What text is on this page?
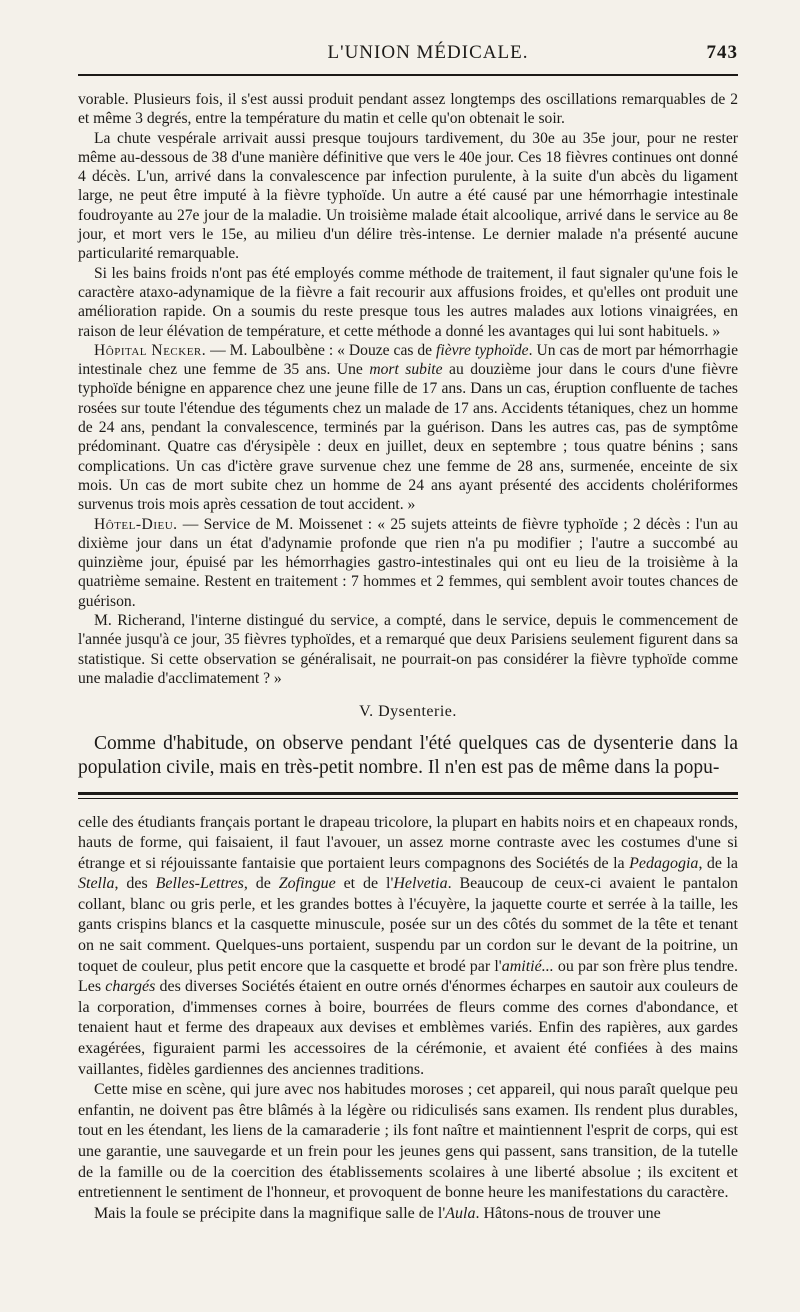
L'UNION MÉDICALE.	743

vorable. Plusieurs fois, il s'est aussi produit pendant assez longtemps des oscillations remarquables de 2 et même 3 degrés, entre la température du matin et celle qu'on obtenait le soir.

La chute vespérale arrivait aussi presque toujours tardivement, du 30e au 35e jour, pour ne rester même au-dessous de 38 d'une manière définitive que vers le 40e jour. Ces 18 fièvres continues ont donné 4 décès. L'un, arrivé dans la convalescence par infection purulente, à la suite d'un abcès du ligament large, ne peut être imputé à la fièvre typhoïde. Un autre a été causé par une hémorrhagie intestinale foudroyante au 27e jour de la maladie. Un troisième malade était alcoolique, arrivé dans le service au 8e jour, et mort vers le 15e, au milieu d'un délire très-intense. Le dernier malade n'a présenté aucune particularité remarquable.

Si les bains froids n'ont pas été employés comme méthode de traitement, il faut signaler qu'une fois le caractère ataxo-adynamique de la fièvre a fait recourir aux affusions froides, et qu'elles ont produit une amélioration rapide. On a soumis du reste presque tous les autres malades aux lotions vinaigrées, en raison de leur élévation de température, et cette méthode a donné les avantages qui lui sont habituels. »

Hôpital Necker. — M. Laboulbène : « Douze cas de fièvre typhoïde. Un cas de mort par hémorrhagie intestinale chez une femme de 35 ans. Une mort subite au douzième jour dans le cours d'une fièvre typhoïde bénigne en apparence chez une jeune fille de 17 ans. Dans un cas, éruption confluente de taches rosées sur toute l'étendue des téguments chez un malade de 17 ans. Accidents tétaniques, chez un homme de 24 ans, pendant la convalescence, terminés par la guérison. Dans les autres cas, pas de symptôme prédominant. Quatre cas d'érysipèle : deux en juillet, deux en septembre ; tous quatre bénins ; sans complications. Un cas d'ictère grave survenue chez une femme de 28 ans, surmenée, enceinte de six mois. Un cas de mort subite chez un homme de 24 ans ayant présenté des accidents cholériformes survenus trois mois après cessation de tout accident. »

Hôtel-Dieu. — Service de M. Moissenet : « 25 sujets atteints de fièvre typhoïde ; 2 décès : l'un au dixième jour dans un état d'adynamie profonde que rien n'a pu modifier ; l'autre a succombé au quinzième jour, épuisé par les hémorrhagies gastro-intestinales qui ont eu lieu de la troisième à la quatrième semaine. Restent en traitement : 7 hommes et 2 femmes, qui semblent avoir toutes chances de guérison.

M. Richerand, l'interne distingué du service, a compté, dans le service, depuis le commencement de l'année jusqu'à ce jour, 35 fièvres typhoïdes, et a remarqué que deux Parisiens seulement figurent dans sa statistique. Si cette observation se généralisait, ne pourrait-on pas considérer la fièvre typhoïde comme une maladie d'acclimatement ? »

V. Dysenterie.

Comme d'habitude, on observe pendant l'été quelques cas de dysenterie dans la population civile, mais en très-petit nombre. Il n'en est pas de même dans la popu-

celle des étudiants français portant le drapeau tricolore, la plupart en habits noirs et en chapeaux ronds, hauts de forme, qui faisaient, il faut l'avouer, un assez morne contraste avec les costumes d'une si étrange et si réjouissante fantaisie que portaient leurs compagnons des Sociétés de la Pedagogia, de la Stella, des Belles-Lettres, de Zofingue et de l'Helvetia. Beaucoup de ceux-ci avaient le pantalon collant, blanc ou gris perle, et les grandes bottes à l'écuyère, la jaquette courte et serrée à la taille, les gants crispins blancs et la casquette minuscule, posée sur un des côtés du sommet de la tête et tenant on ne sait comment. Quelques-uns portaient, suspendu par un cordon sur le devant de la poitrine, un toquet de couleur, plus petit encore que la casquette et brodé par l'amitié... ou par son frère plus tendre. Les chargés des diverses Sociétés étaient en outre ornés d'énormes écharpes en sautoir aux couleurs de la corporation, d'immenses cornes à boire, bourrées de fleurs comme des cornes d'abondance, et tenaient haut et ferme des drapeaux aux devises et emblèmes variés. Enfin des rapières, aux gardes exagérées, figuraient parmi les accessoires de la cérémonie, et avaient été confiées à des mains vaillantes, fidèles gardiennes des anciennes traditions.

Cette mise en scène, qui jure avec nos habitudes moroses ; cet appareil, qui nous paraît quelque peu enfantin, ne doivent pas être blâmés à la légère ou ridiculisés sans examen. Ils rendent plus durables, tout en les étendant, les liens de la camaraderie ; ils font naître et maintiennent l'esprit de corps, qui est une garantie, une sauvegarde et un frein pour les jeunes gens qui passent, sans transition, de la tutelle de la famille ou de la coercition des établissements scolaires à une liberté absolue ; ils excitent et entretiennent le sentiment de l'honneur, et provoquent de bonne heure les manifestations du caractère.

Mais la foule se précipite dans la magnifique salle de l'Aula. Hâtons-nous de trouver une
